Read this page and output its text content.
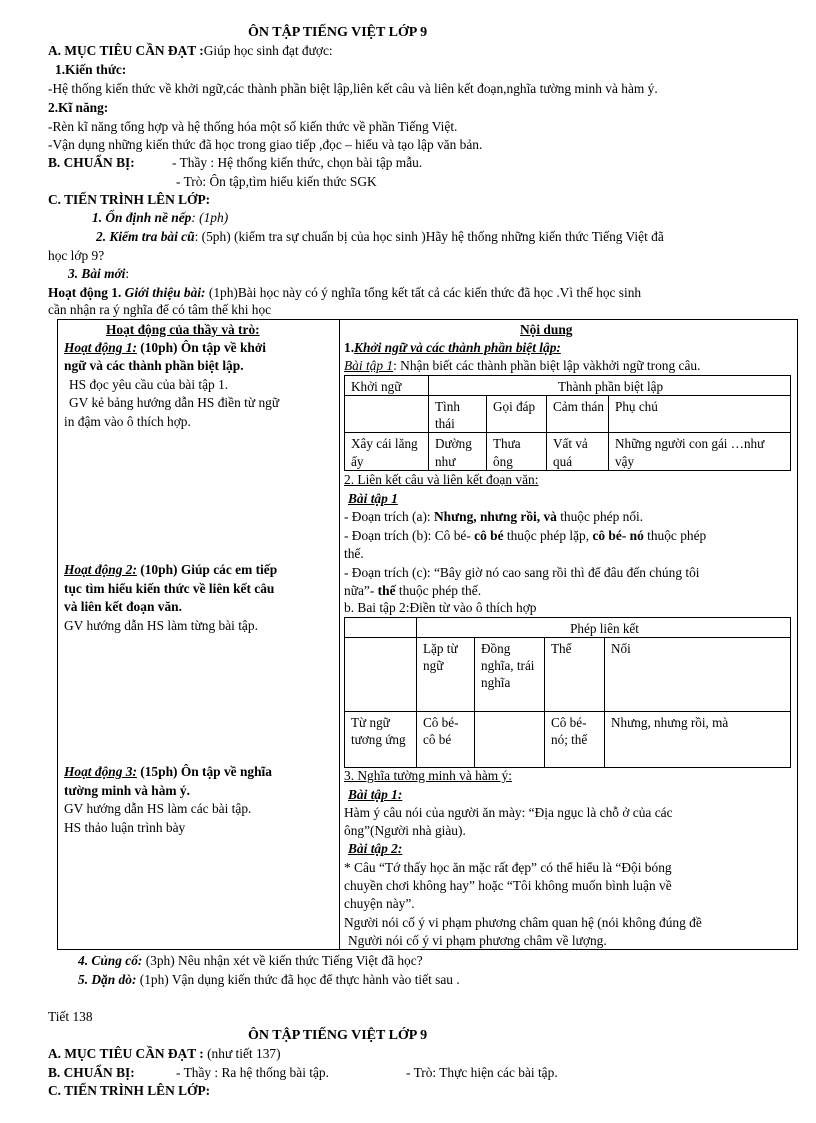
ÔN TẬP TIẾNG VIỆT LỚP 9
A. MỤC TIÊU CẦN ĐẠT :Giúp học sinh đạt được:
1.Kiến thức:
-Hệ thống kiến thức về khởi ngữ,các thành phần biệt lập,liên kết câu và liên kết đoạn,nghĩa tường minh và hàm ý.
2.Kĩ năng:
-Rèn kĩ năng tổng hợp và hệ thống hóa một số kiến thức về phần Tiếng Việt.
-Vận dụng những kiến thức đã học trong giao tiếp ,đọc – hiểu và tạo lập văn bản.
B. CHUẨN BỊ:	- Thầy : Hệ thống kiến thức, chọn bài tập mẫu.
- Trò: Ôn tập,tìm hiểu kiến thức SGK
C. TIẾN TRÌNH LÊN LỚP:
1. Ổn định nề nếp: (1ph)
2. Kiểm tra bài cũ: (5ph) (kiểm tra sự chuẩn bị của học sinh )Hãy hệ thống những kiến thức Tiếng Việt đã
học lớp 9?
3. Bài mới:
Hoạt động 1. Giới thiệu bài: (1ph)Bài học này có ý nghĩa tổng kết tất cả các kiến thức đã học .Vì thế học sinh
cần nhận ra ý nghĩa để có tâm thế khi học
Hoạt động của thầy và trò:
Hoạt động 1: (10ph) Ôn tập về khởi
ngữ và các thành phần biệt lập.
HS đọc yêu cầu của bài tập 1.
GV kẻ bảng hướng dẫn HS điền từ ngữ
in đậm vào ô thích hợp.
Hoạt động 2: (10ph) Giúp các em tiếp
tục tìm hiểu kiến thức về liên kết câu
và liên kết đoạn văn.
GV hướng dẫn HS làm từng bài tập.
Hoạt động 3: (15ph) Ôn tập về nghĩa
tường minh và hàm ý.
GV hướng dẫn HS làm các bài tập.
HS thảo luận trình bày

Nội dung
1.Khởi ngữ và các thành phần biệt lập:
Bài tập 1: Nhận biết các thành phần biệt lập vàkhởi ngữ trong câu.
Khởi ngữ	Thành phần biệt lập
	Tình thái	Gọi đáp	Cảm thán	Phụ chú
Xây cái lăng ấy	Dường như	Thưa ông	Vất vả quá	Những người con gái …như vậy
2. Liên kết câu và liên kết đoạn văn:
Bài tập 1
- Đoạn trích (a): Nhưng, nhưng rồi, và thuộc phép nối.
- Đoạn trích (b): Cô bé- cô bé thuộc phép lặp, cô bé- nó thuộc phép
thế.
- Đoạn trích (c): “Bây giờ nó cao sang rồi thì để đâu đến chúng tôi
nữa”- thế thuộc phép thế.
b. Bai tập 2:Điền từ vào ô thích hợp
	Phép liên kết
	Lặp từ ngữ	Đồng nghĩa, trái nghĩa	Thế	Nối
Từ ngữ tương ứng	Cô bé- cô bé		Cô bé- nó; thế	Nhưng, nhưng rồi, mà
3. Nghĩa tường minh và hàm ý:
Bài tập 1:
Hàm ý câu nói của người ăn mày: “Địa ngục là chỗ ở của các
ông”(Người nhà giàu).
Bài tập 2:
* Câu “Tớ thấy học ăn mặc rất đẹp” có thể hiểu là “Đội bóng
chuyền chơi không hay” hoặc “Tôi không muốn bình luận về
chuyện này”.
Người nói cố ý vi phạm phương châm quan hệ (nói không đúng đề
Người nói cố ý vi phạm phương châm về lượng.
4. Củng cố: (3ph) Nêu nhận xét về kiến thức Tiếng Việt đã học?
5. Dặn dò: (1ph) Vận dụng kiến thức đã học để thực hành vào tiết sau .
Tiết 138
ÔN TẬP TIẾNG VIỆT LỚP 9
A. MỤC TIÊU CẦN ĐẠT : (như tiết 137)
B. CHUẨN BỊ:	- Thầy : Ra hệ thống bài tập.	- Trò: Thực hiện các bài tập.
C. TIẾN TRÌNH LÊN LỚP:
